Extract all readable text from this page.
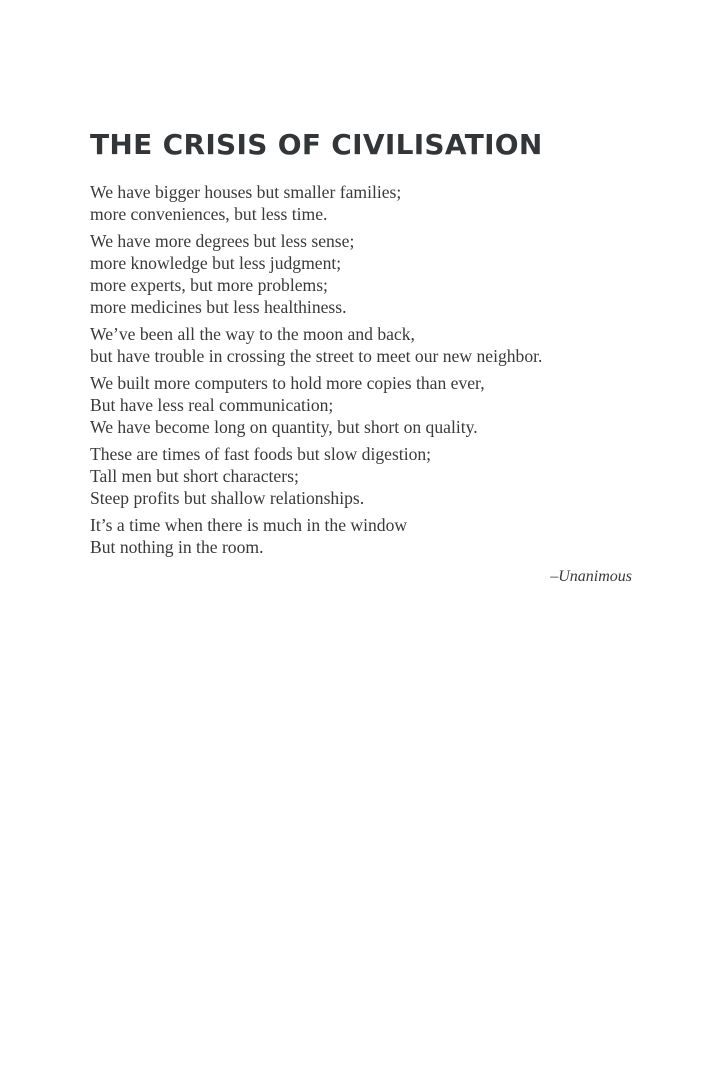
THE CRISIS OF CIVILISATION
We have bigger houses but smaller families;
more conveniences, but less time.
We have more degrees but less sense;
more knowledge but less judgment;
more experts, but more problems;
more medicines but less healthiness.
We’ve been all the way to the moon and back,
but have trouble in crossing the street to meet our new neighbor.
We built more computers to hold more copies than ever,
But have less real communication;
We have become long on quantity, but short on quality.
These are times of fast foods but slow digestion;
Tall men but short characters;
Steep profits but shallow relationships.
It’s a time when there is much in the window
But nothing in the room.
–Unanimous
